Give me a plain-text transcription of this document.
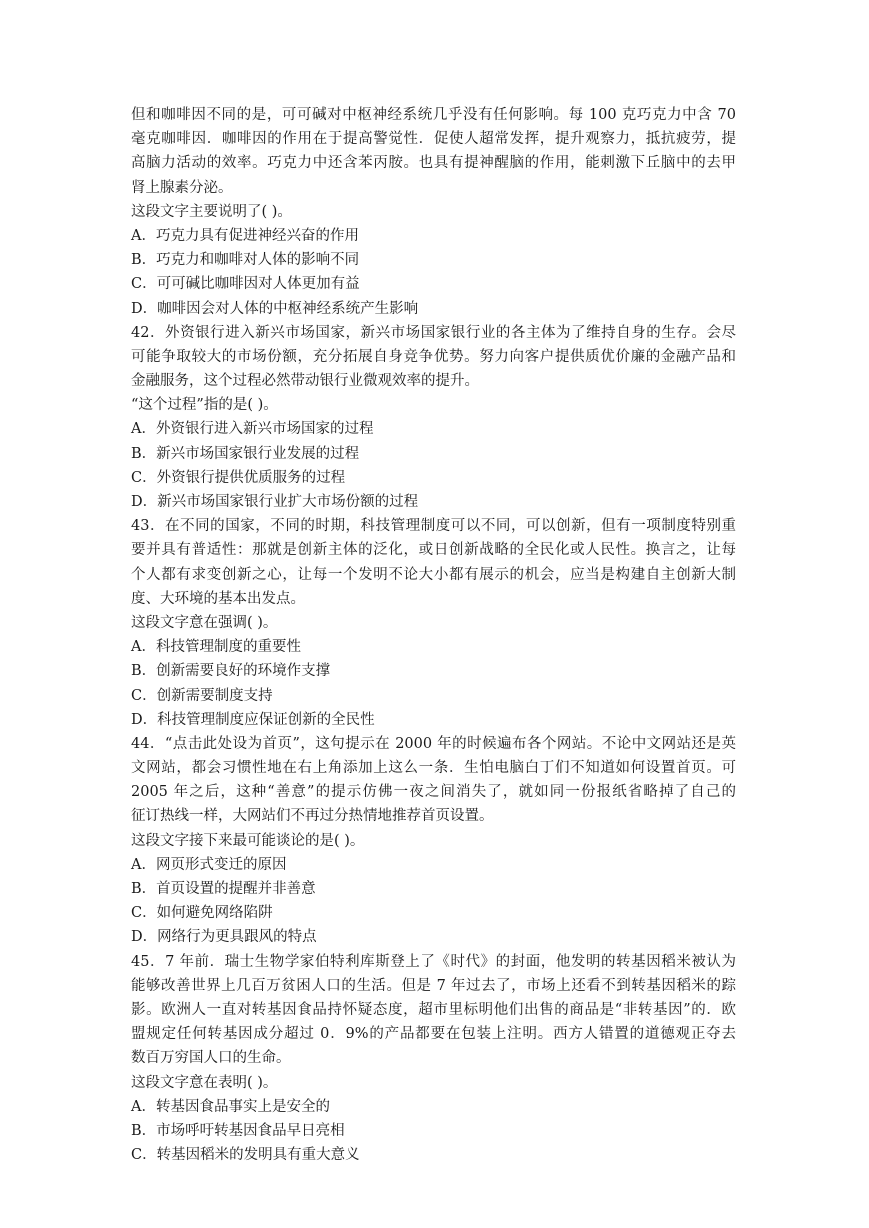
但和咖啡因不同的是，可可碱对中枢神经系统几乎没有任何影响。每 100 克巧克力中含 70
毫克咖啡因．咖啡因的作用在于提高警觉性．促使人超常发挥，提升观察力，抵抗疲劳，提
高脑力活动的效率。巧克力中还含苯丙胺。也具有提神醒脑的作用，能刺激下丘脑中的去甲
肾上腺素分泌。
这段文字主要说明了( )。
A．巧克力具有促进神经兴奋的作用
B．巧克力和咖啡对人体的影响不同
C．可可碱比咖啡因对人体更加有益
D．咖啡因会对人体的中枢神经系统产生影响
42．外资银行进入新兴市场国家，新兴市场国家银行业的各主体为了维持自身的生存。会尽
可能争取较大的市场份额，充分拓展自身竞争优势。努力向客户提供质优价廉的金融产品和
金融服务，这个过程必然带动银行业微观效率的提升。
“这个过程”指的是( )。
A．外资银行进入新兴市场国家的过程
B．新兴市场国家银行业发展的过程
C．外资银行提供优质服务的过程
D．新兴市场国家银行业扩大市场份额的过程
43．在不同的国家，不同的时期，科技管理制度可以不同，可以创新，但有一项制度特别重
要并具有普适性：那就是创新主体的泛化，或日创新战略的全民化或人民性。换言之，让每
个人都有求变创新之心，让每一个发明不论大小都有展示的机会，应当是构建自主创新大制
度、大环境的基本出发点。
这段文字意在强调( )。
A．科技管理制度的重要性
B．创新需要良好的环境作支撑
C．创新需要制度支持
D．科技管理制度应保证创新的全民性
44．“点击此处设为首页”，这句提示在 2000 年的时候遍布各个网站。不论中文网站还是英
文网站，都会习惯性地在右上角添加上这么一条．生怕电脑白丁们不知道如何设置首页。可
2005 年之后，这种“善意”的提示仿佛一夜之间消失了，就如同一份报纸省略掉了自己的
征订热线一样，大网站们不再过分热情地推荐首页设置。
这段文字接下来最可能谈论的是( )。
A．网页形式变迁的原因
B．首页设置的提醒并非善意
C．如何避免网络陷阱
D．网络行为更具跟风的特点
45．7 年前．瑞士生物学家伯特利库斯登上了《时代》的封面，他发明的转基因稻米被认为
能够改善世界上几百万贫困人口的生活。但是 7 年过去了，市场上还看不到转基因稻米的踪
影。欧洲人一直对转基因食品持怀疑态度，超市里标明他们出售的商品是“非转基因”的．欧
盟规定任何转基因成分超过 0．9%的产品都要在包装上注明。西方人错置的道德观正夺去
数百万穷国人口的生命。
这段文字意在表明( )。
A．转基因食品事实上是安全的
B．市场呼吁转基因食品早日亮相
C．转基因稻米的发明具有重大意义
